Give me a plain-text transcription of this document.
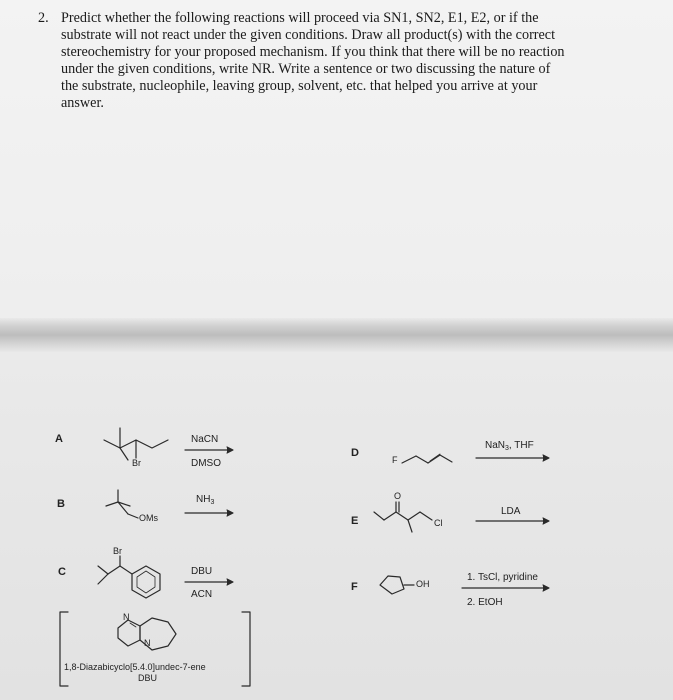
2. Predict whether the following reactions will proceed via SN1, SN2, E1, E2, or if the
substrate will not react under the given conditions. Draw all product(s) with the correct
stereochemistry for your proposed mechanism. If you think that there will be no reaction
under the given conditions, write NR. Write a sentence or two discussing the nature of
the substrate, nucleophile, leaving group, solvent, etc. that helped you arrive at your
answer.
A
B
C
D
E
F
Br
OMs
Br
F
O
Cl
OH
N
N
NaCN
DMSO
$NH_3$
DBU
ACN
NaN$_3$, THF
LDA
1. TsCl, pyridine
2. EtOH
1,8-Diazabicyclo[5.4.0]undec-7-ene
DBU
